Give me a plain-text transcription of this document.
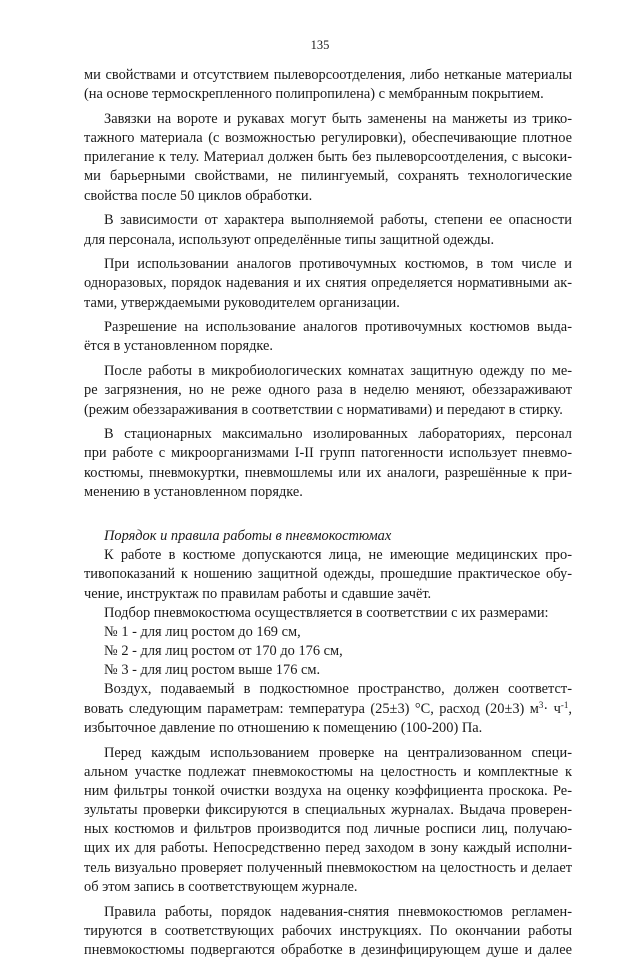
135
ми свойствами и отсутствием пылеворсоотделения, либо нетканые материалы
(на основе термоскрепленного полипропилена) с мембранным покрытием.
Завязки на вороте и рукавах могут быть заменены на манжеты из трико-
тажного материала (с возможностью регулировки), обеспечивающие плотное
прилегание к телу. Материал должен быть без пылеворсоотделения, с высоки-
ми барьерными свойствами, не пилингуемый, сохранять технологические
свойства после 50 циклов обработки.
В зависимости от характера выполняемой работы, степени ее опасности
для персонала, используют определённые типы защитной одежды.
При использовании аналогов противочумных костюмов, в том числе и
одноразовых, порядок надевания и их снятия определяется нормативными ак-
тами, утверждаемыми руководителем организации.
Разрешение на использование аналогов противочумных костюмов выда-
ётся в установленном порядке.
После работы в микробиологических комнатах защитную одежду по ме-
ре загрязнения, но не реже одного раза в неделю меняют, обеззараживают
(режим обеззараживания в соответствии с нормативами) и передают в стирку.
В стационарных максимально изолированных лабораториях, персонал
при работе с микроорганизмами I-II групп патогенности использует пневмо-
костюмы, пневмокуртки, пневмошлемы или их аналоги, разрешённые к при-
менению в установленном порядке.
Порядок и правила работы в пневмокостюмах
К работе в костюме допускаются лица, не имеющие медицинских про-
тивопоказаний к ношению защитной одежды, прошедшие практическое обу-
чение, инструктаж по правилам работы и сдавшие зачёт.
Подбор пневмокостюма осуществляется в соответствии с их размерами:
№ 1 - для лиц ростом до 169 см,
№ 2 - для лиц ростом от 170 до 176 см,
№ 3 - для лиц ростом выше 176 см.
Воздух, подаваемый в подкостюмное пространство, должен соответст-
вовать следующим параметрам: температура (25±3) °С, расход (20±3) $м^3\cdot ч^{-1}$,
избыточное давление по отношению к помещению (100-200) Па.
Перед каждым использованием проверке на централизованном специ-
альном участке подлежат пневмокостюмы на целостность и комплектные к
ним фильтры тонкой очистки воздуха на оценку коэффициента проскока. Ре-
зультаты проверки фиксируются в специальных журналах. Выдача проверен-
ных костюмов и фильтров производится под личные росписи лиц, получаю-
щих их для работы. Непосредственно перед заходом в зону каждый исполни-
тель визуально проверяет полученный пневмокостюм на целостность и делает
об этом запись в соответствующем журнале.
Правила работы, порядок надевания-снятия пневмокостюмов регламен-
тируются в соответствующих рабочих инструкциях. По окончании работы
пневмокостюмы подвергаются обработке в дезинфицирующем душе и далее
